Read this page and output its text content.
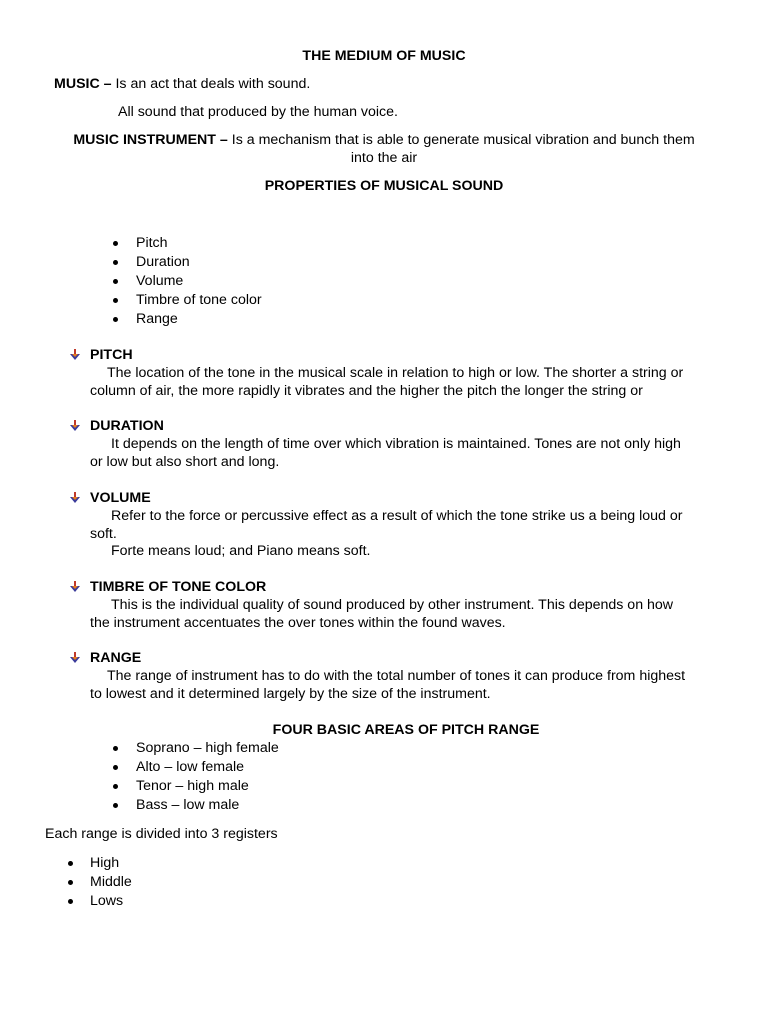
THE MEDIUM OF MUSIC
MUSIC – Is an act that deals with sound.
All sound that produced by the human voice.
MUSIC INSTRUMENT – Is a mechanism that is able to generate musical vibration and bunch them
into the air
PROPERTIES OF MUSICAL SOUND
Pitch
Duration
Volume
Timbre of tone color
Range
PITCH
The location of the tone in the musical scale in relation to high or low. The shorter a string or
column of air, the more rapidly it vibrates and the higher the pitch the longer the string or
DURATION
It depends on the length of time over which vibration is maintained. Tones are not only high
or low but also short and long.
VOLUME
Refer to the force or percussive effect as a result of which the tone strike us a being loud or
soft.
Forte means loud; and Piano means soft.
TIMBRE OF TONE COLOR
This is the individual quality of sound produced by other instrument. This depends on how
the instrument accentuates the over tones within the found waves.
RANGE
The range of instrument has to do with the total number of tones it can produce from highest
to lowest and it determined largely by the size of the instrument.
FOUR BASIC AREAS OF PITCH RANGE
Soprano – high female
Alto – low female
Tenor – high male
Bass – low male
Each range is divided into 3 registers
High
Middle
Lows
